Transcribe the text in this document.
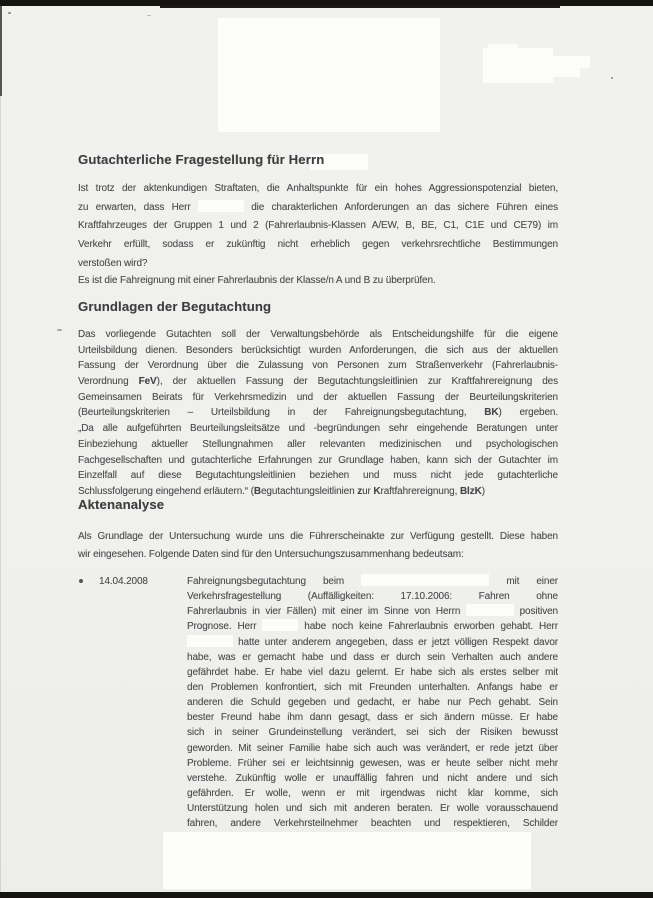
Gutachterliche Fragestellung für Herrn
Ist trotz der aktenkundigen Straftaten, die Anhaltspunkte für ein hohes Aggressionspotenzial bieten,
zu erwarten, dass Herr	die charakterlichen Anforderungen an das sichere Führen eines
Kraftfahrzeuges der Gruppen 1 und 2 (Fahrerlaubnis-Klassen A/EW, B, BE, C1, C1E und CE79) im
Verkehr erfüllt, sodass er zukünftig nicht erheblich gegen verkehrsrechtliche Bestimmungen
verstoßen wird?
Es ist die Fahreignung mit einer Fahrerlaubnis der Klasse/n A und B zu überprüfen.
Grundlagen der Begutachtung
Das vorliegende Gutachten soll der Verwaltungsbehörde als Entscheidungshilfe für die eigene
Urteilsbildung dienen. Besonders berücksichtigt wurden Anforderungen, die sich aus der aktuellen
Fassung der Verordnung über die Zulassung von Personen zum Straßenverkehr (Fahrerlaubnis-
Verordnung FeV), der aktuellen Fassung der Begutachtungsleitlinien zur Kraftfahrereignung des
Gemeinsamen Beirats für Verkehrsmedizin und der aktuellen Fassung der Beurteilungskriterien
(Beurteilungskriterien – Urteilsbildung in der Fahreignungsbegutachtung, BK) ergeben.
„Da alle aufgeführten Beurteilungsleitsätze und -begründungen sehr eingehende Beratungen unter
Einbeziehung aktueller Stellungnahmen aller relevanten medizinischen und psychologischen
Fachgesellschaften und gutachterliche Erfahrungen zur Grundlage haben, kann sich der Gutachter im
Einzelfall auf diese Begutachtungsleitlinien beziehen und muss nicht jede gutachterliche
Schlussfolgerung eingehend erläutern.“ (Begutachtungsleitlinien zur Kraftfahrereignung, BlzK)
Aktenanalyse
Als Grundlage der Untersuchung wurde uns die Führerscheinakte zur Verfügung gestellt. Diese haben
wir eingesehen. Folgende Daten sind für den Untersuchungszusammenhang bedeutsam:
14.04.2008	Fahreignungsbegutachtung beim	mit einer
Verkehrsfragestellung (Auffälligkeiten: 17.10.2006: Fahren ohne
Fahrerlaubnis in vier Fällen) mit einer im Sinne von Herrn	positiven
Prognose. Herr	habe noch keine Fahrerlaubnis erworben gehabt. Herr
hatte unter anderem angegeben, dass er jetzt völligen Respekt davor
habe, was er gemacht habe und dass er durch sein Verhalten auch andere
gefährdet habe. Er habe viel dazu gelernt. Er habe sich als erstes selber mit
den Problemen konfrontiert, sich mit Freunden unterhalten. Anfangs habe er
anderen die Schuld gegeben und gedacht, er habe nur Pech gehabt. Sein
bester Freund habe ihm dann gesagt, dass er sich ändern müsse. Er habe
sich in seiner Grundeinstellung verändert, sei sich der Risiken bewusst
geworden. Mit seiner Familie habe sich auch was verändert, er rede jetzt über
Probleme. Früher sei er leichtsinnig gewesen, was er heute selber nicht mehr
verstehe. Zukünftig wolle er unauffällig fahren und nicht andere und sich
gefährden. Er wolle, wenn er mit irgendwas nicht klar komme, sich
Unterstützung holen und sich mit anderen beraten. Er wolle vorausschauend
fahren, andere Verkehrsteilnehmer beachten und respektieren, Schilder
